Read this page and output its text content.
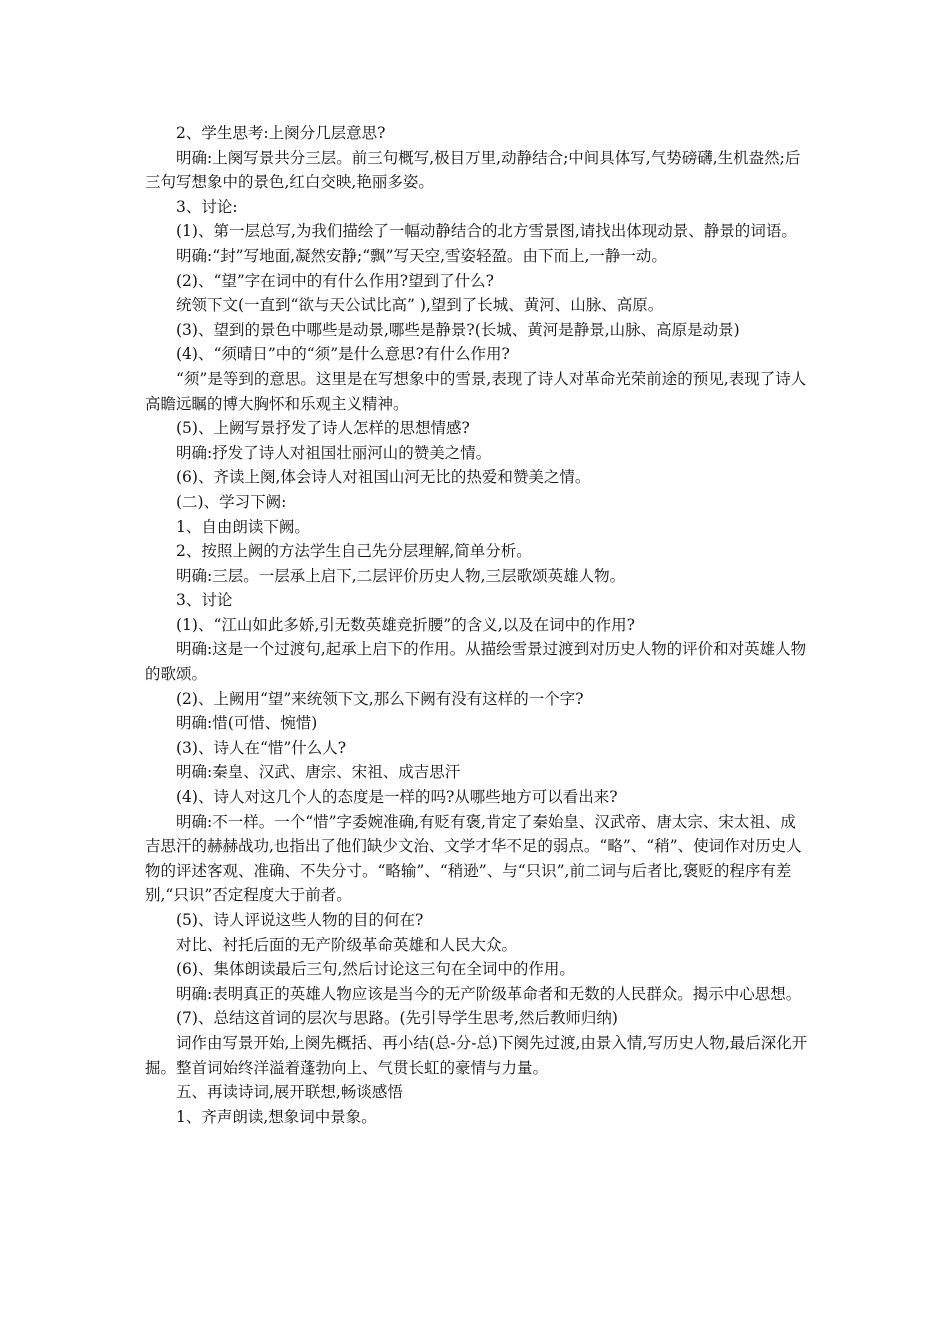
2、学生思考:上阕分几层意思?

明确:上阕写景共分三层。前三句概写,极目万里,动静结合;中间具体写,气势磅礴,生机盎然;后三句写想象中的景色,红白交映,艳丽多姿。

3、讨论:

(1)、第一层总写,为我们描绘了一幅动静结合的北方雪景图,请找出体现动景、静景的词语。

明确:“封”写地面,凝然安静;“飘”写天空,雪姿轻盈。由下而上,一静一动。

(2)、“望”字在词中的有什么作用?望到了什么?

统领下文(一直到“欲与天公试比高” ),望到了长城、黄河、山脉、高原。

(3)、望到的景色中哪些是动景,哪些是静景?(长城、黄河是静景,山脉、高原是动景)

(4)、“须晴日”中的“须”是什么意思?有什么作用?

“须”是等到的意思。这里是在写想象中的雪景,表现了诗人对革命光荣前途的预见,表现了诗人高瞻远瞩的博大胸怀和乐观主义精神。

(5)、上阙写景抒发了诗人怎样的思想情感?

明确:抒发了诗人对祖国壮丽河山的赞美之情。

(6)、齐读上阕,体会诗人对祖国山河无比的热爱和赞美之情。

(二)、学习下阙:

1、自由朗读下阙。

2、按照上阙的方法学生自己先分层理解,简单分析。

明确:三层。一层承上启下,二层评价历史人物,三层歌颂英雄人物。

3、讨论

(1)、“江山如此多娇,引无数英雄竞折腰”的含义,以及在词中的作用?

明确:这是一个过渡句,起承上启下的作用。从描绘雪景过渡到对历史人物的评价和对英雄人物的歌颂。

(2)、上阙用“望”来统领下文,那么下阙有没有这样的一个字?

明确:惜(可惜、惋惜)

(3)、诗人在“惜”什么人?

明确:秦皇、汉武、唐宗、宋祖、成吉思汗

(4)、诗人对这几个人的态度是一样的吗?从哪些地方可以看出来?

明确:不一样。一个“惜”字委婉准确,有贬有褒,肯定了秦始皇、汉武帝、唐太宗、宋太祖、成吉思汗的赫赫战功,也指出了他们缺少文治、文学才华不足的弱点。“略”、“稍”、使词作对历史人物的评述客观、准确、不失分寸。“略输”、“稍逊”、与“只识”,前二词与后者比,褒贬的程序有差别,“只识”否定程度大于前者。

(5)、诗人评说这些人物的目的何在?

对比、衬托后面的无产阶级革命英雄和人民大众。

(6)、集体朗读最后三句,然后讨论这三句在全词中的作用。

明确:表明真正的英雄人物应该是当今的无产阶级革命者和无数的人民群众。揭示中心思想。

(7)、总结这首词的层次与思路。(先引导学生思考,然后教师归纳)

词作由写景开始,上阕先概括、再小结(总-分-总)下阕先过渡,由景入情,写历史人物,最后深化开掘。整首词始终洋溢着蓬勃向上、气贯长虹的豪情与力量。

五、再读诗词,展开联想,畅谈感悟

1、齐声朗读,想象词中景象。
